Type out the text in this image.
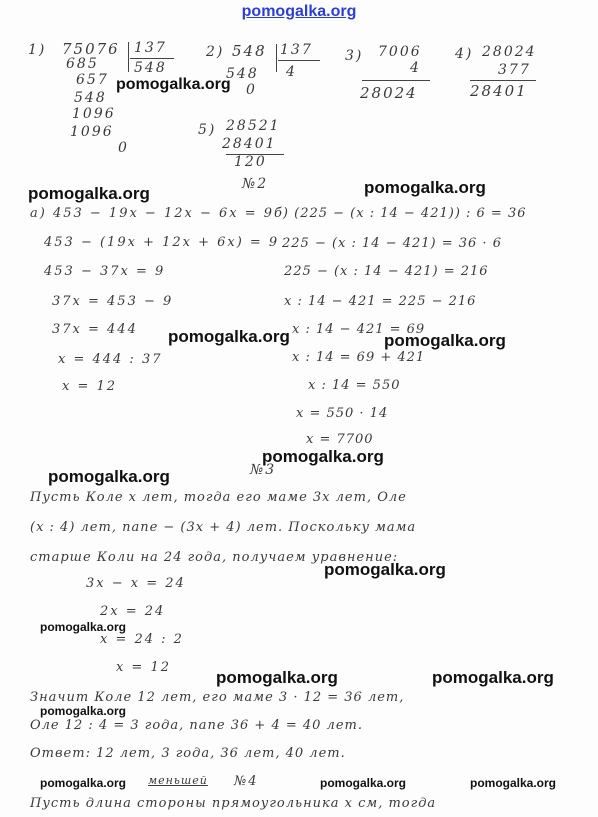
pomogalka.org
1) 75076 137
548
685
657
548
1096
1096
0
2) 548 137
4
548
0
3) 7006
4
28024
4) 28024
377
28401
5) 28521
28401
120
№2
а) 453 − 19x − 12x − 6x = 9
453 − (19x + 12x + 6x) = 9
453 − 37x = 9
37x = 453 − 9
37x = 444
x = 444 : 37
x = 12
б) (225 − (x : 14 − 421)) : 6 = 36
225 − (x : 14 − 421) = 36 · 6
225 − (x : 14 − 421) = 216
x : 14 − 421 = 225 − 216
x : 14 − 421 = 69
x : 14 = 69 + 421
x : 14 = 550
x = 550 · 14
x = 7700
№3
Пусть Коле x лет, тогда его маме 3x лет, Оле
(x : 4) лет, папе − (3x + 4) лет. Поскольку мама
старше Коли на 24 года, получаем уравнение:
3x − x = 24
2x = 24
x = 24 : 2
x = 12
Значит Коле 12 лет, его маме 3 · 12 = 36 лет,
Оле 12 : 4 = 3 года, папе 36 + 4 = 40 лет.
Ответ: 12 лет, 3 года, 36 лет, 40 лет.
меньшей №4
Пусть длина стороны прямоугольника x см, тогда
pomogalka.org
pomogalka.org	pomogalka.org
pomogalka.org	pomogalka.org
pomogalka.org
pomogalka.org
pomogalka.org
pomogalka.org
pomogalka.org	pomogalka.org
pomogalka.org
pomogalka.org	pomogalka.org	pomogalka.org
